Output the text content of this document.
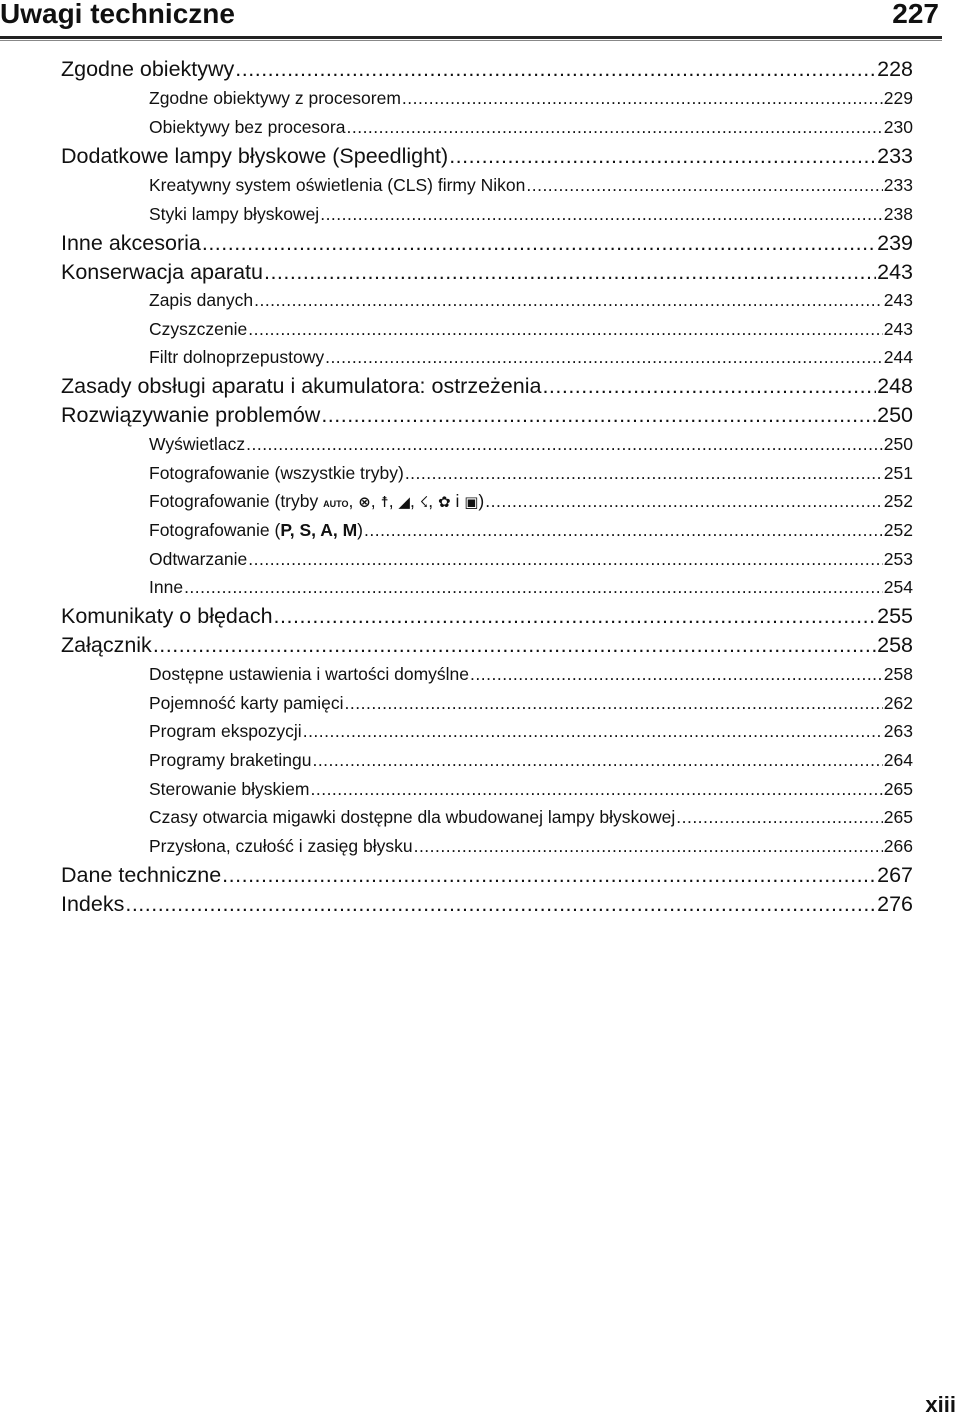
Uwagi techniczne	227
Zgodne obiektywy .....	228
Zgodne obiektywy z procesorem .....	229
Obiektywy bez procesora .....	230
Dodatkowe lampy błyskowe (Speedlight) .....	233
Kreatywny system oświetlenia (CLS) firmy Nikon .....	233
Styki lampy błyskowej .....	238
Inne akcesoria .....	239
Konserwacja aparatu .....	243
Zapis danych .....	243
Czyszczenie .....	243
Filtr dolnoprzepustowy .....	244
Zasady obsługi aparatu i akumulatora: ostrzeżenia .....	248
Rozwiązywanie problemów .....	250
Wyświetlacz .....	250
Fotografowanie (wszystkie tryby) .....	251
Fotografowanie (tryby AUTO, ⊗, ☨, ◢, ☇, ✿ i ▣) .....	252
Fotografowanie (P, S, A, M) .....	252
Odtwarzanie .....	253
Inne .....	254
Komunikaty o błędach .....	255
Załącznik .....	258
Dostępne ustawienia i wartości domyślne .....	258
Pojemność karty pamięci .....	262
Program ekspozycji .....	263
Programy braketingu .....	264
Sterowanie błyskiem .....	265
Czasy otwarcia migawki dostępne dla wbudowanej lampy błyskowej .....	265
Przysłona, czułość i zasięg błysku .....	266
Dane techniczne .....	267
Indeks .....	276
xiii
